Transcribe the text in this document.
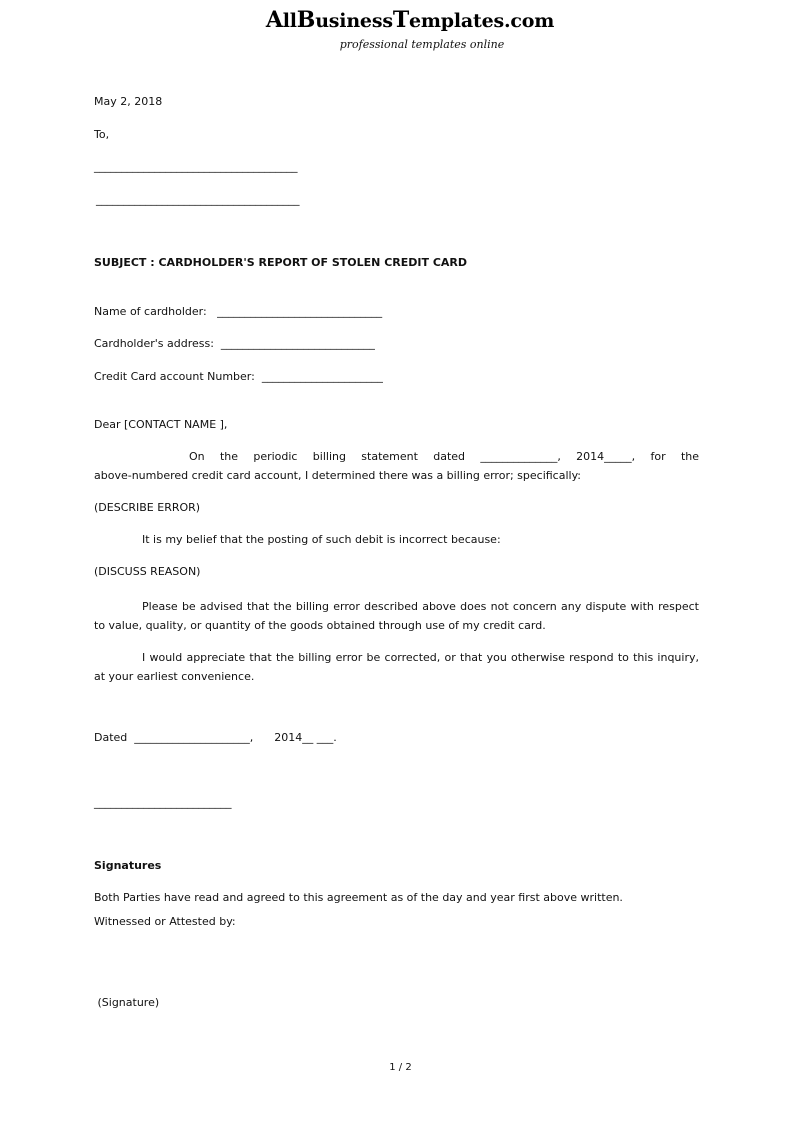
AllBusinessTemplates.com
professional templates online
May 2, 2018
To,
_____________________________________
_____________________________________
SUBJECT : CARDHOLDER'S REPORT OF STOLEN CREDIT CARD
Name of cardholder:   ______________________________
Cardholder's address:  ____________________________
Credit Card account Number:  ______________________
Dear [CONTACT NAME ],
On the periodic billing statement dated ______________, 2014_____, for the
above-numbered credit card account, I determined there was a billing error; specifically:
(DESCRIBE ERROR)
It is my belief that the posting of such debit is incorrect because:
(DISCUSS REASON)
Please be advised that the billing error described above does not concern any dispute with respect to value, quality, or quantity of the goods obtained through use of my credit card.
I would appreciate that the billing error be corrected, or that you otherwise respond to this inquiry, at your earliest convenience.
Dated  _____________________,      2014__ ___.
_________________________
Signatures
Both Parties have read and agreed to this agreement as of the day and year first above written.
Witnessed or Attested by:
(Signature)
1 / 2
